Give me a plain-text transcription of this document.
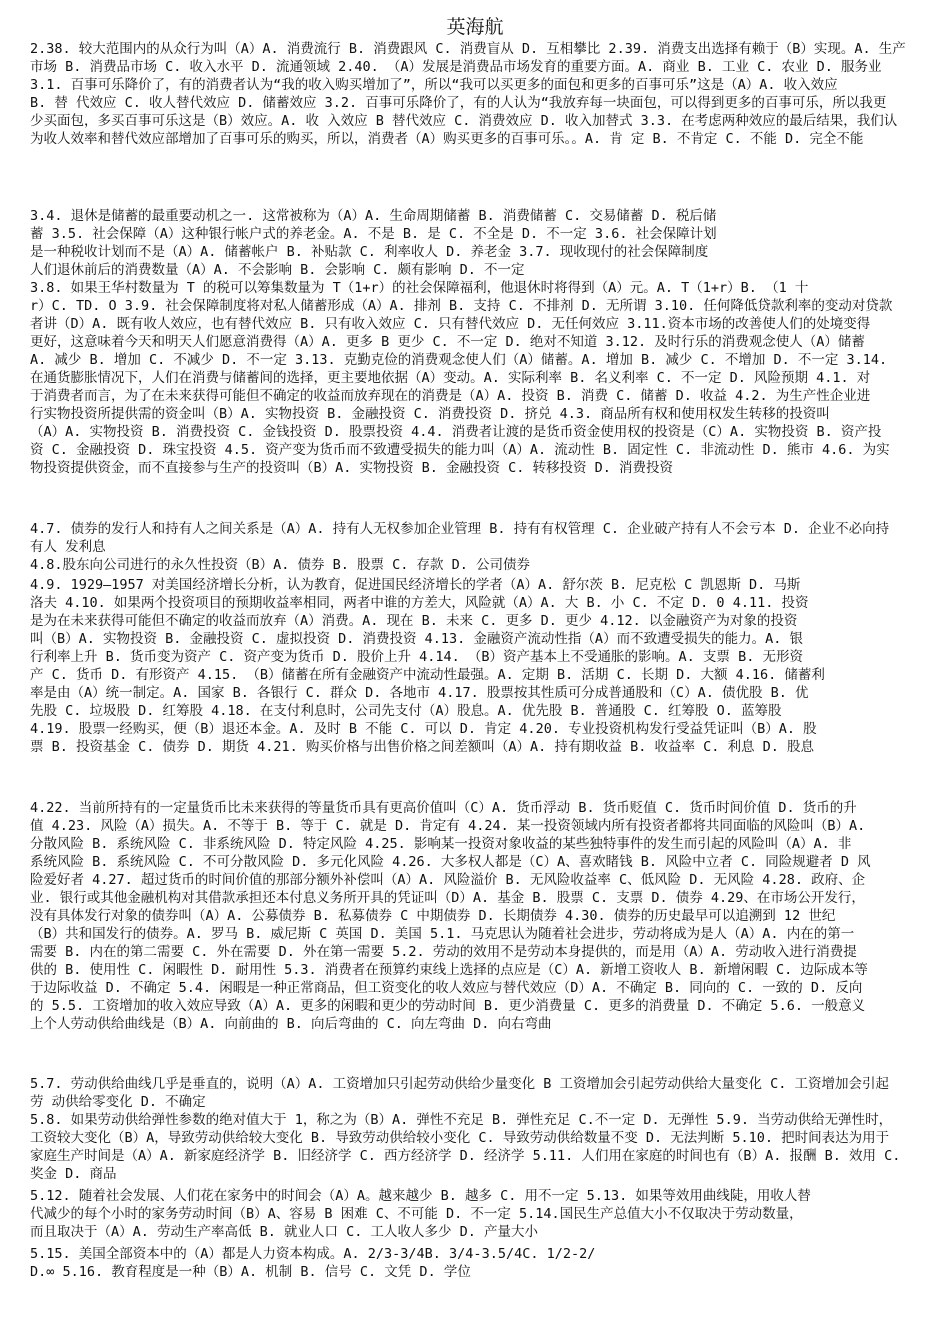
英海航
2.38. 较大范围内的从众行为叫（A）A. 消费流行 B. 消费跟风 C. 消费盲从 D. 互相攀比 2.39. 消费支出选择有赖于（B）实现。A. 生产
市场 B. 消费品市场 C. 收入水平 D. 流通领域 2.40. （A）发展是消费品市场发育的重要方面。A. 商业 B. 工业 C. 农业 D. 服务业
3.1. 百事可乐降价了，有的消费者认为“我的收入购买增加了”，所以“我可以买更多的面包和更多的百事可乐”这是（A）A. 收入效应
B. 替 代效应 C. 收人替代效应 D. 储蓄效应 3.2. 百事可乐降价了，有的人认为“我放弃每一块面包，可以得到更多的百事可乐，所以我更
少买面包，多买百事可乐这是（B）效应。A. 收 入效应 B 替代效应 C. 消费效应 D. 收入加替式 3.3. 在考虑两种效应的最后结果，我们认
为收人效率和替代效应部增加了百事可乐的购买，所以，消费者（A）购买更多的百事可乐。。A. 肯 定 B. 不肯定 C. 不能 D. 完全不能
3.4. 退休是储蓄的最重要动机之一. 这常被称为（A）A. 生命周期储蓄 B. 消费储蓄 C. 交易储蓄 D. 税后储
蓄 3.5. 社会保障（A）这种银行帐户式的养老金。A. 不是 B. 是 C. 不全是 D. 不一定 3.6. 社会保障计划
是一种税收计划而不是（A）A. 储蓄帐户 B. 补贴款 C. 利率收人 D. 养老金 3.7. 现收现付的社会保障制度
人们退休前后的消费数量（A）A. 不会影响 B. 会影响 C. 颇有影响 D. 不一定
3.8. 如果王华村数量为 T 的税可以筹集数量为 T（1+r）的社会保障福利，他退休时将得到（A）元。A. T（1+r）B. （1 十
r）C. TD. O 3.9. 社会保障制度将对私人储蓄形成（A）A. 排剂 B. 支持 C. 不排剂 D. 无所谓 3.10. 任何降低贷款利率的变动对贷款
者讲（D）A. 既有收人效应，也有替代效应 B. 只有收入效应 C. 只有替代效应 D. 无任何效应 3.11.资本市场的改善使人们的处境变得
更好，这意味着今天和明天人们愿意消费得（A）A. 更多 B 更少 C. 不一定 D. 绝对不知道 3.12. 及时行乐的消费观念使人（A）储蓄
A. 减少 B. 增加 C. 不减少 D. 不一定 3.13. 克勤克俭的消费观念使人们（A）储蓄。A. 增加 B. 减少 C. 不增加 D. 不一定 3.14.
在通货膨胀情况下，人们在消费与储蓄间的选择，更主要地依据（A）变动。A. 实际利率 B. 名义利率 C. 不一定 D. 风险预期 4.1. 对
于消费者而言，为了在未来获得可能但不确定的收益而放弃现在的消费是（A）A. 投资 B. 消费 C. 储蓄 D. 收益 4.2. 为生产性企业进
行实物投资所提供需的资金叫（B）A. 实物投资 B. 金融投资 C. 消费投资 D. 挤兑 4.3. 商品所有权和使用权发生转移的投资叫
（A）A. 实物投资 B. 消费投资 C. 金钱投资 D. 股票投资 4.4. 消费者让渡的是货币资金使用权的投资是（C）A. 实物投资 B. 资产投
资 C. 金融投资 D. 珠宝投资 4.5. 资产变为货币而不致遭受损失的能力叫（A）A. 流动性 B. 固定性 C. 非流动性 D. 熊市 4.6. 为实
物投资提供资金，而不直接参与生产的投资叫（B）A. 实物投资 B. 金融投资 C. 转移投资 D. 消费投资
4.7. 债券的发行人和持有人之间关系是（A）A. 持有人无权参加企业管理 B. 持有有权管理 C. 企业破产持有人不会亏本 D. 企业不必向持
有人 发利息
4.8.股东向公司进行的永久性投资（B）A. 债券 B. 股票 C. 存款 D. 公司债券
4.9. 1929—1957 对美国经济增长分析，认为教育，促进国民经济增长的学者（A）A. 舒尔茨 B. 尼克松 C 凯恩斯 D. 马斯
洛夫 4.10. 如果两个投资项目的预期收益率相同，两者中谁的方差大，风险就（A）A. 大 B. 小 C. 不定 D. 0 4.11. 投资
是为在未来获得可能但不确定的收益而放弃（A）消费。A. 现在 B. 未来 C. 更多 D. 更少 4.12. 以金融资产为对象的投资
叫（B）A. 实物投资 B. 金融投资 C. 虚拟投资 D. 消费投资 4.13. 金融资产流动性指（A）而不致遭受损失的能力。A. 银
行利率上升 B. 货币变为资产 C. 资产变为货币 D. 股价上升 4.14. （B）资产基本上不受通胀的影响。A. 支票 B. 无形资
产 C. 货币 D. 有形资产 4.15. （B）储蓄在所有金融资产中流动性最强。A. 定期 B. 活期 C. 长期 D. 大额 4.16. 储蓄利
率是由（A）统一制定。A. 国家 B. 各银行 C. 群众 D. 各地市 4.17. 股票按其性质可分成普通股和（C）A. 债优股 B. 优
先股 C. 垃圾股 D. 红筹股 4.18. 在支付利息时，公司先支付（A）股息。A. 优先股 B. 普通股 C. 红筹股 O. 蓝筹股
4.19. 股票一经购买，便（B）退还本金。A. 及时 B 不能 C. 可以 D. 肯定 4.20. 专业投资机构发行受益凭证叫（B）A. 股
票 B. 投资基金 C. 债券 D. 期货 4.21. 购买价格与出售价格之间差额叫（A）A. 持有期收益 B. 收益率 C. 利息 D. 股息
4.22. 当前所持有的一定量货币比未来获得的等量货币具有更高价值叫（C）A. 货币浮动 B. 货币贬值 C. 货币时间价值 D. 货币的升
值 4.23. 风险（A）损失。A. 不等于 B. 等于 C. 就是 D. 肯定有 4.24. 某一投资领域内所有投资者都将共同面临的风险叫（B）A.
分散风险 B. 系统风险 C. 非系统风险 D. 特定风险 4.25. 影响某一投资对象收益的某些独特事件的发生而引起的风险叫（A）A. 非
系统风险 B. 系统风险 C. 不可分散风险 D. 多元化风险 4.26. 大多权人都是（C）A、喜欢睹钱 B. 风险中立者 C. 同险规避者 D 风
险爱好者 4.27. 超过货币的时间价值的那部分额外补偿叫（A）A. 风险溢价 B. 无风险收益率 C、低风险 D. 无风险 4.28. 政府、企
业. 银行或其他金融机构对其借款承担还本付息义务所开具的凭证叫（D）A. 基金 B. 股票 C. 支票 D. 债券 4.29、在市场公开发行，
没有具体发行对象的债券叫（A）A. 公募债券 B. 私募债券 C 中期债券 D. 长期债券 4.30. 债券的历史最早可以追溯到 12 世纪
（B）共和国发行的债券。A. 罗马 B. 威尼斯 C 英国 D. 美国 5.1. 马克思认为随着社会进步，劳动将成为是人（A）A. 内在的第一
需要 B. 内在的第二需要 C. 外在需要 D. 外在第一需要 5.2. 劳动的效用不是劳动本身提供的，而是用（A）A. 劳动收入进行消费提
供的 B. 使用性 C. 闲暇性 D. 耐用性 5.3. 消费者在预算约束线上选择的点应是（C）A. 新增工资收人 B. 新增闲暇 C. 边际成本等
于边际收益 D. 不确定 5.4. 闲暇是一种正常商品，但工资变化的收人效应与替代效应（D）A. 不确定 B. 同向的 C. 一致的 D. 反向
的 5.5. 工资增加的收入效应导致（A）A. 更多的闲暇和更少的劳动时间 B. 更少消费量 C. 更多的消费量 D. 不确定 5.6. 一般意义
上个人劳动供给曲线是（B）A. 向前曲的 B. 向后弯曲的 C. 向左弯曲 D. 向右弯曲
5.7. 劳动供给曲线几乎是垂直的，说明（A）A. 工资增加只引起劳动供给少量变化 B 工资增加会引起劳动供给大量变化 C. 工资增加会引起
劳 动供给零变化 D. 不确定
5.8. 如果劳动供给弹性参数的绝对值大于 1，称之为（B）A. 弹性不充足 B. 弹性充足 C.不一定 D. 无弹性 5.9. 当劳动供给无弹性时，
工资较大变化（B）A，导致劳动供给较大变化 B. 导致劳动供给较小变化 C. 导致劳动供给数量不变 D. 无法判断 5.10. 把时间表达为用于
家庭生产时间是（A）A. 新家庭经济学 B. 旧经济学 C. 西方经济学 D. 经济学 5.11. 人们用在家庭的时间也有（B）A. 报酬 B. 效用 C.
奖金 D. 商品
5.12. 随着社会发展、人们花在家务中的时间会（A）A。越来越少 B. 越多 C. 用不一定 5.13. 如果等效用曲线陡，用收人替
代减少的每个小时的家务劳动时间（B）A、容易 B 困难 C、不可能 D. 不一定 5.14.国民生产总值大小不仅取决于劳动数量，
而且取决于（A）A. 劳动生产率高低 B. 就业人口 C. 工人收人多少 D. 产量大小
5.15. 美国全部资本中的（A）都是人力资本构成。A. 2/3-3/4B. 3/4-3.5/4C. 1/2-2/
D.∞ 5.16. 教育程度是一种（B）A. 机制 B. 信号 C. 文凭 D. 学位
